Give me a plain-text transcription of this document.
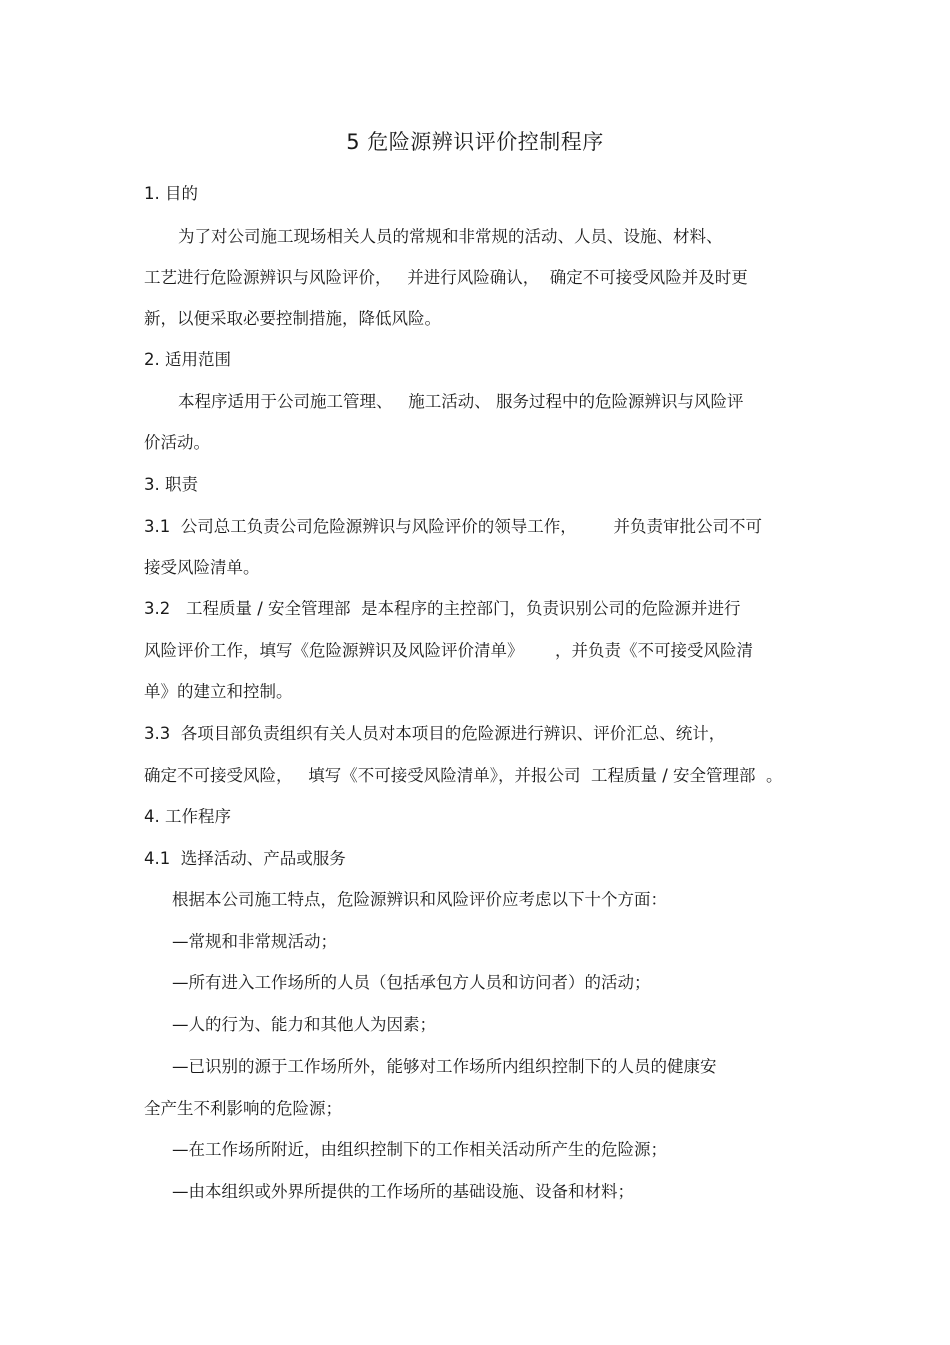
5 危险源辨识评价控制程序
1. 目的
为了对公司施工现场相关人员的常规和非常规的活动、人员、设施、材料、
工艺进行危险源辨识与风险评价，   并进行风险确认，  确定不可接受风险并及时更
新，以便采取必要控制措施，降低风险。
2. 适用范围
本程序适用于公司施工管理、   施工活动、 服务过程中的危险源辨识与风险评
价活动。
3. 职责
3.1  公司总工负责公司危险源辨识与风险评价的领导工作，       并负责审批公司不可
接受风险清单。
3.2   工程质量 / 安全管理部  是本程序的主控部门，负责识别公司的危险源并进行
风险评价工作，填写《危险源辨识及风险评价清单》      ，并负责《不可接受风险清
单》的建立和控制。
3.3  各项目部负责组织有关人员对本项目的危险源进行辨识、评价汇总、统计，
确定不可接受风险，   填写《不可接受风险清单》，并报公司  工程质量 / 安全管理部  。
4. 工作程序
4.1  选择活动、产品或服务
根据本公司施工特点，危险源辨识和风险评价应考虑以下十个方面：
—常规和非常规活动；
—所有进入工作场所的人员（包括承包方人员和访问者）的活动；
—人的行为、能力和其他人为因素；
—已识别的源于工作场所外，能够对工作场所内组织控制下的人员的健康安
全产生不利影响的危险源；
—在工作场所附近，由组织控制下的工作相关活动所产生的危险源；
—由本组织或外界所提供的工作场所的基础设施、设备和材料；
